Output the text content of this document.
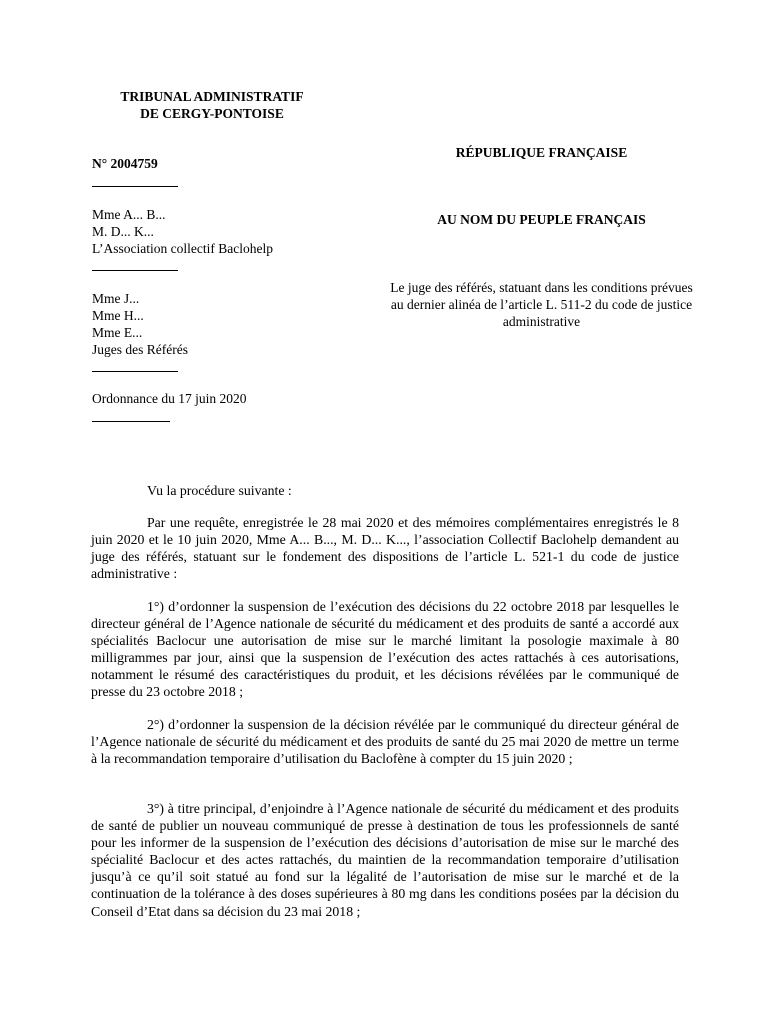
TRIBUNAL ADMINISTRATIF
DE CERGY-PONTOISE
N° 2004759
Mme A... B...
M. D... K...
L’Association collectif Baclohelp
Mme J...
Mme H...
Mme E...
Juges des Référés
Ordonnance du 17 juin 2020
RÉPUBLIQUE FRANÇAISE
AU NOM DU PEUPLE FRANÇAIS
Le juge des référés, statuant dans les conditions prévues au dernier alinéa de l’article L. 511-2 du code de justice administrative
Vu la procédure suivante :
Par une requête, enregistrée le 28 mai 2020 et des mémoires complémentaires enregistrés le 8 juin 2020 et le 10 juin 2020, Mme A... B..., M. D... K..., l’association Collectif Baclohelp demandent au juge des référés, statuant sur le fondement des dispositions de l’article L. 521-1 du code de justice administrative :
1°) d’ordonner la suspension de l’exécution des décisions du 22 octobre 2018 par lesquelles le directeur général de l’Agence nationale de sécurité du médicament et des produits de santé a accordé aux spécialités Baclocur une autorisation de mise sur le marché limitant la posologie maximale à 80 milligrammes par jour, ainsi que la suspension de l’exécution des actes rattachés à ces autorisations, notamment le résumé des caractéristiques du produit, et les décisions révélées par le communiqué de presse du 23 octobre 2018 ;
2°) d’ordonner la suspension de la décision révélée par le communiqué du directeur général de l’Agence nationale de sécurité du médicament et des produits de santé du 25 mai 2020 de mettre un terme à la recommandation temporaire d’utilisation du Baclofène à compter du 15 juin 2020 ;
3°) à titre principal, d’enjoindre à l’Agence nationale de sécurité du médicament et des produits de santé de publier un nouveau communiqué de presse à destination de tous les professionnels de santé pour les informer de la suspension de l’exécution des décisions d’autorisation de mise sur le marché des spécialité Baclocur et des actes rattachés, du maintien de la recommandation temporaire d’utilisation jusqu’à ce qu’il soit statué au fond sur la légalité de l’autorisation de mise sur le marché et de la continuation de la tolérance à des doses supérieures à 80 mg dans les conditions posées par la décision du Conseil d’Etat dans sa décision du 23 mai 2018 ;
